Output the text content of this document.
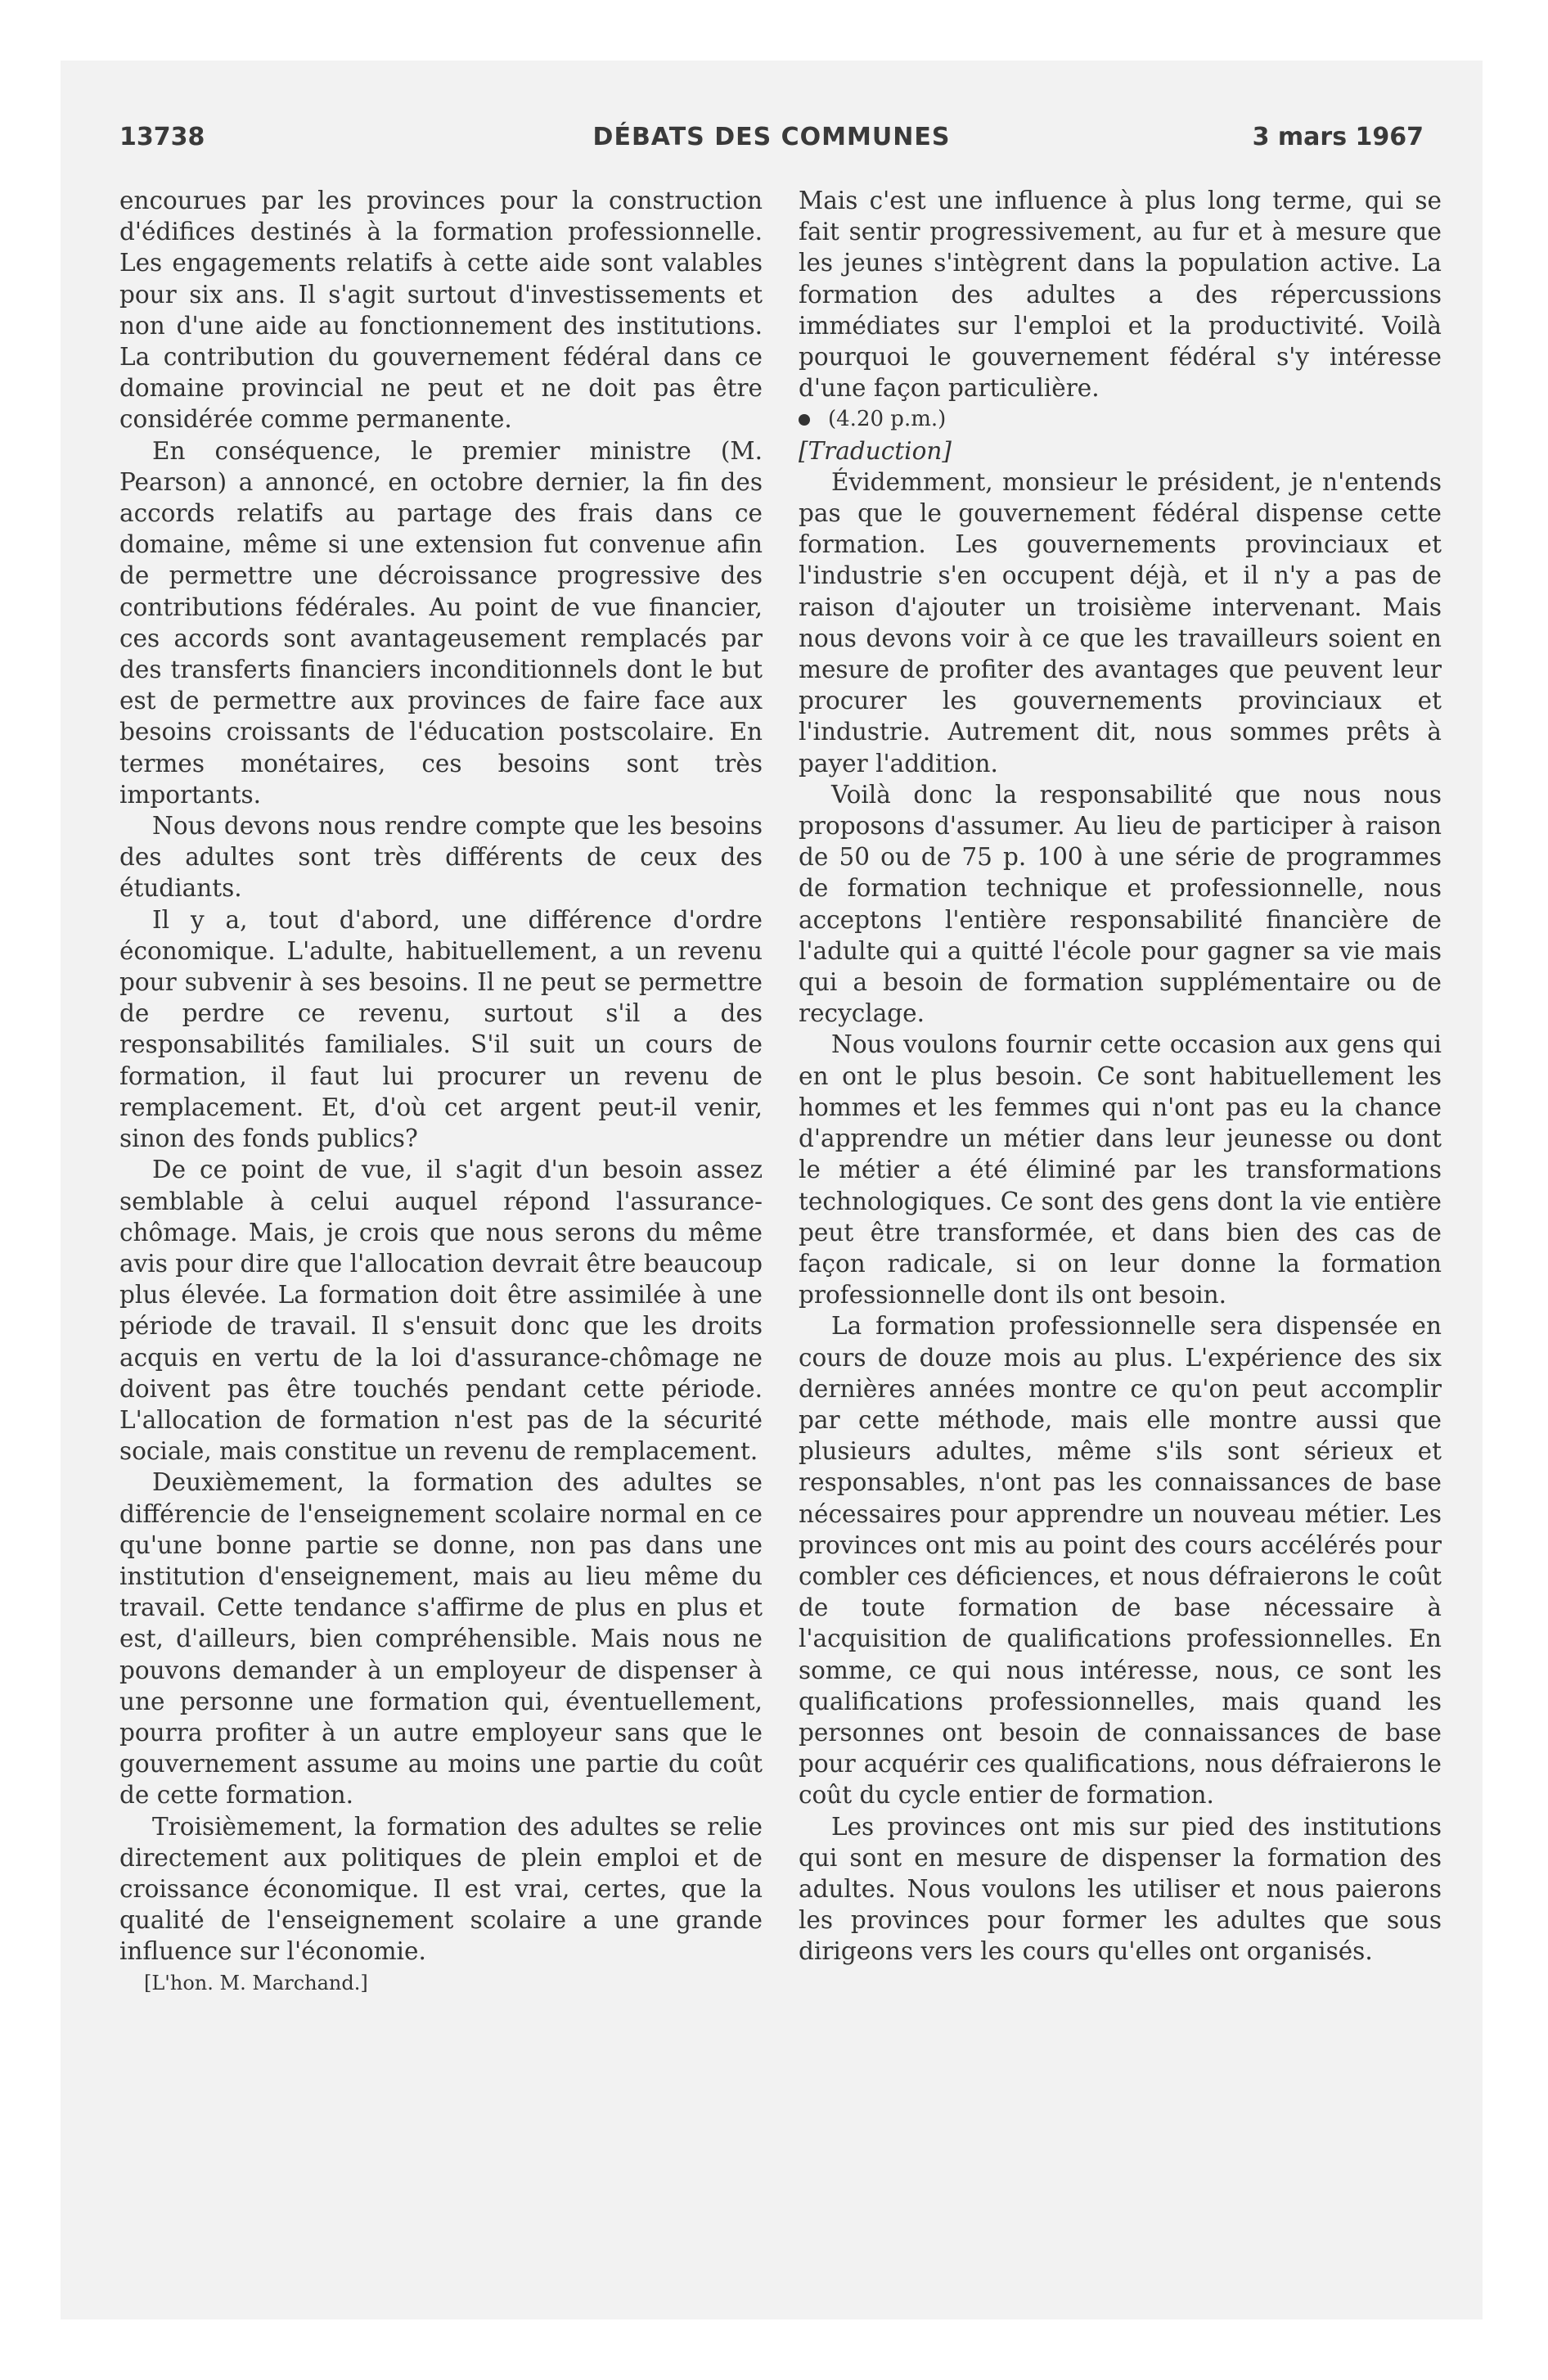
13738	DÉBATS DES COMMUNES	3 mars 1967

encourues par les provinces pour la construction d'édifices destinés à la formation professionnelle. Les engagements relatifs à cette aide sont valables pour six ans. Il s'agit surtout d'investissements et non d'une aide au fonctionnement des institutions. La contribution du gouvernement fédéral dans ce domaine provincial ne peut et ne doit pas être considérée comme permanente.

En conséquence, le premier ministre (M. Pearson) a annoncé, en octobre dernier, la fin des accords relatifs au partage des frais dans ce domaine, même si une extension fut convenue afin de permettre une décroissance progressive des contributions fédérales. Au point de vue financier, ces accords sont avantageusement remplacés par des transferts financiers inconditionnels dont le but est de permettre aux provinces de faire face aux besoins croissants de l'éducation postscolaire. En termes monétaires, ces besoins sont très importants.

Nous devons nous rendre compte que les besoins des adultes sont très différents de ceux des étudiants.

Il y a, tout d'abord, une différence d'ordre économique. L'adulte, habituellement, a un revenu pour subvenir à ses besoins. Il ne peut se permettre de perdre ce revenu, surtout s'il a des responsabilités familiales. S'il suit un cours de formation, il faut lui procurer un revenu de remplacement. Et, d'où cet argent peut-il venir, sinon des fonds publics?

De ce point de vue, il s'agit d'un besoin assez semblable à celui auquel répond l'assurance-chômage. Mais, je crois que nous serons du même avis pour dire que l'allocation devrait être beaucoup plus élevée. La formation doit être assimilée à une période de travail. Il s'ensuit donc que les droits acquis en vertu de la loi d'assurance-chômage ne doivent pas être touchés pendant cette période. L'allocation de formation n'est pas de la sécurité sociale, mais constitue un revenu de remplacement.

Deuxièmement, la formation des adultes se différencie de l'enseignement scolaire normal en ce qu'une bonne partie se donne, non pas dans une institution d'enseignement, mais au lieu même du travail. Cette tendance s'affirme de plus en plus et est, d'ailleurs, bien compréhensible. Mais nous ne pouvons demander à un employeur de dispenser à une personne une formation qui, éventuellement, pourra profiter à un autre employeur sans que le gouvernement assume au moins une partie du coût de cette formation.

Troisièmement, la formation des adultes se relie directement aux politiques de plein emploi et de croissance économique. Il est vrai, certes, que la qualité de l'enseignement scolaire a une grande influence sur l'économie.

[L'hon. M. Marchand.]

Mais c'est une influence à plus long terme, qui se fait sentir progressivement, au fur et à mesure que les jeunes s'intègrent dans la population active. La formation des adultes a des répercussions immédiates sur l'emploi et la productivité. Voilà pourquoi le gouvernement fédéral s'y intéresse d'une façon particulière.

(4.20 p.m.)

[Traduction]

Évidemment, monsieur le président, je n'entends pas que le gouvernement fédéral dispense cette formation. Les gouvernements provinciaux et l'industrie s'en occupent déjà, et il n'y a pas de raison d'ajouter un troisième intervenant. Mais nous devons voir à ce que les travailleurs soient en mesure de profiter des avantages que peuvent leur procurer les gouvernements provinciaux et l'industrie. Autrement dit, nous sommes prêts à payer l'addition.

Voilà donc la responsabilité que nous nous proposons d'assumer. Au lieu de participer à raison de 50 ou de 75 p. 100 à une série de programmes de formation technique et professionnelle, nous acceptons l'entière responsabilité financière de l'adulte qui a quitté l'école pour gagner sa vie mais qui a besoin de formation supplémentaire ou de recyclage.

Nous voulons fournir cette occasion aux gens qui en ont le plus besoin. Ce sont habituellement les hommes et les femmes qui n'ont pas eu la chance d'apprendre un métier dans leur jeunesse ou dont le métier a été éliminé par les transformations technologiques. Ce sont des gens dont la vie entière peut être transformée, et dans bien des cas de façon radicale, si on leur donne la formation professionnelle dont ils ont besoin.

La formation professionnelle sera dispensée en cours de douze mois au plus. L'expérience des six dernières années montre ce qu'on peut accomplir par cette méthode, mais elle montre aussi que plusieurs adultes, même s'ils sont sérieux et responsables, n'ont pas les connaissances de base nécessaires pour apprendre un nouveau métier. Les provinces ont mis au point des cours accélérés pour combler ces déficiences, et nous défraierons le coût de toute formation de base nécessaire à l'acquisition de qualifications professionnelles. En somme, ce qui nous intéresse, nous, ce sont les qualifications professionnelles, mais quand les personnes ont besoin de connaissances de base pour acquérir ces qualifications, nous défraierons le coût du cycle entier de formation.

Les provinces ont mis sur pied des institutions qui sont en mesure de dispenser la formation des adultes. Nous voulons les utiliser et nous paierons les provinces pour former les adultes que sous dirigeons vers les cours qu'elles ont organisés.
